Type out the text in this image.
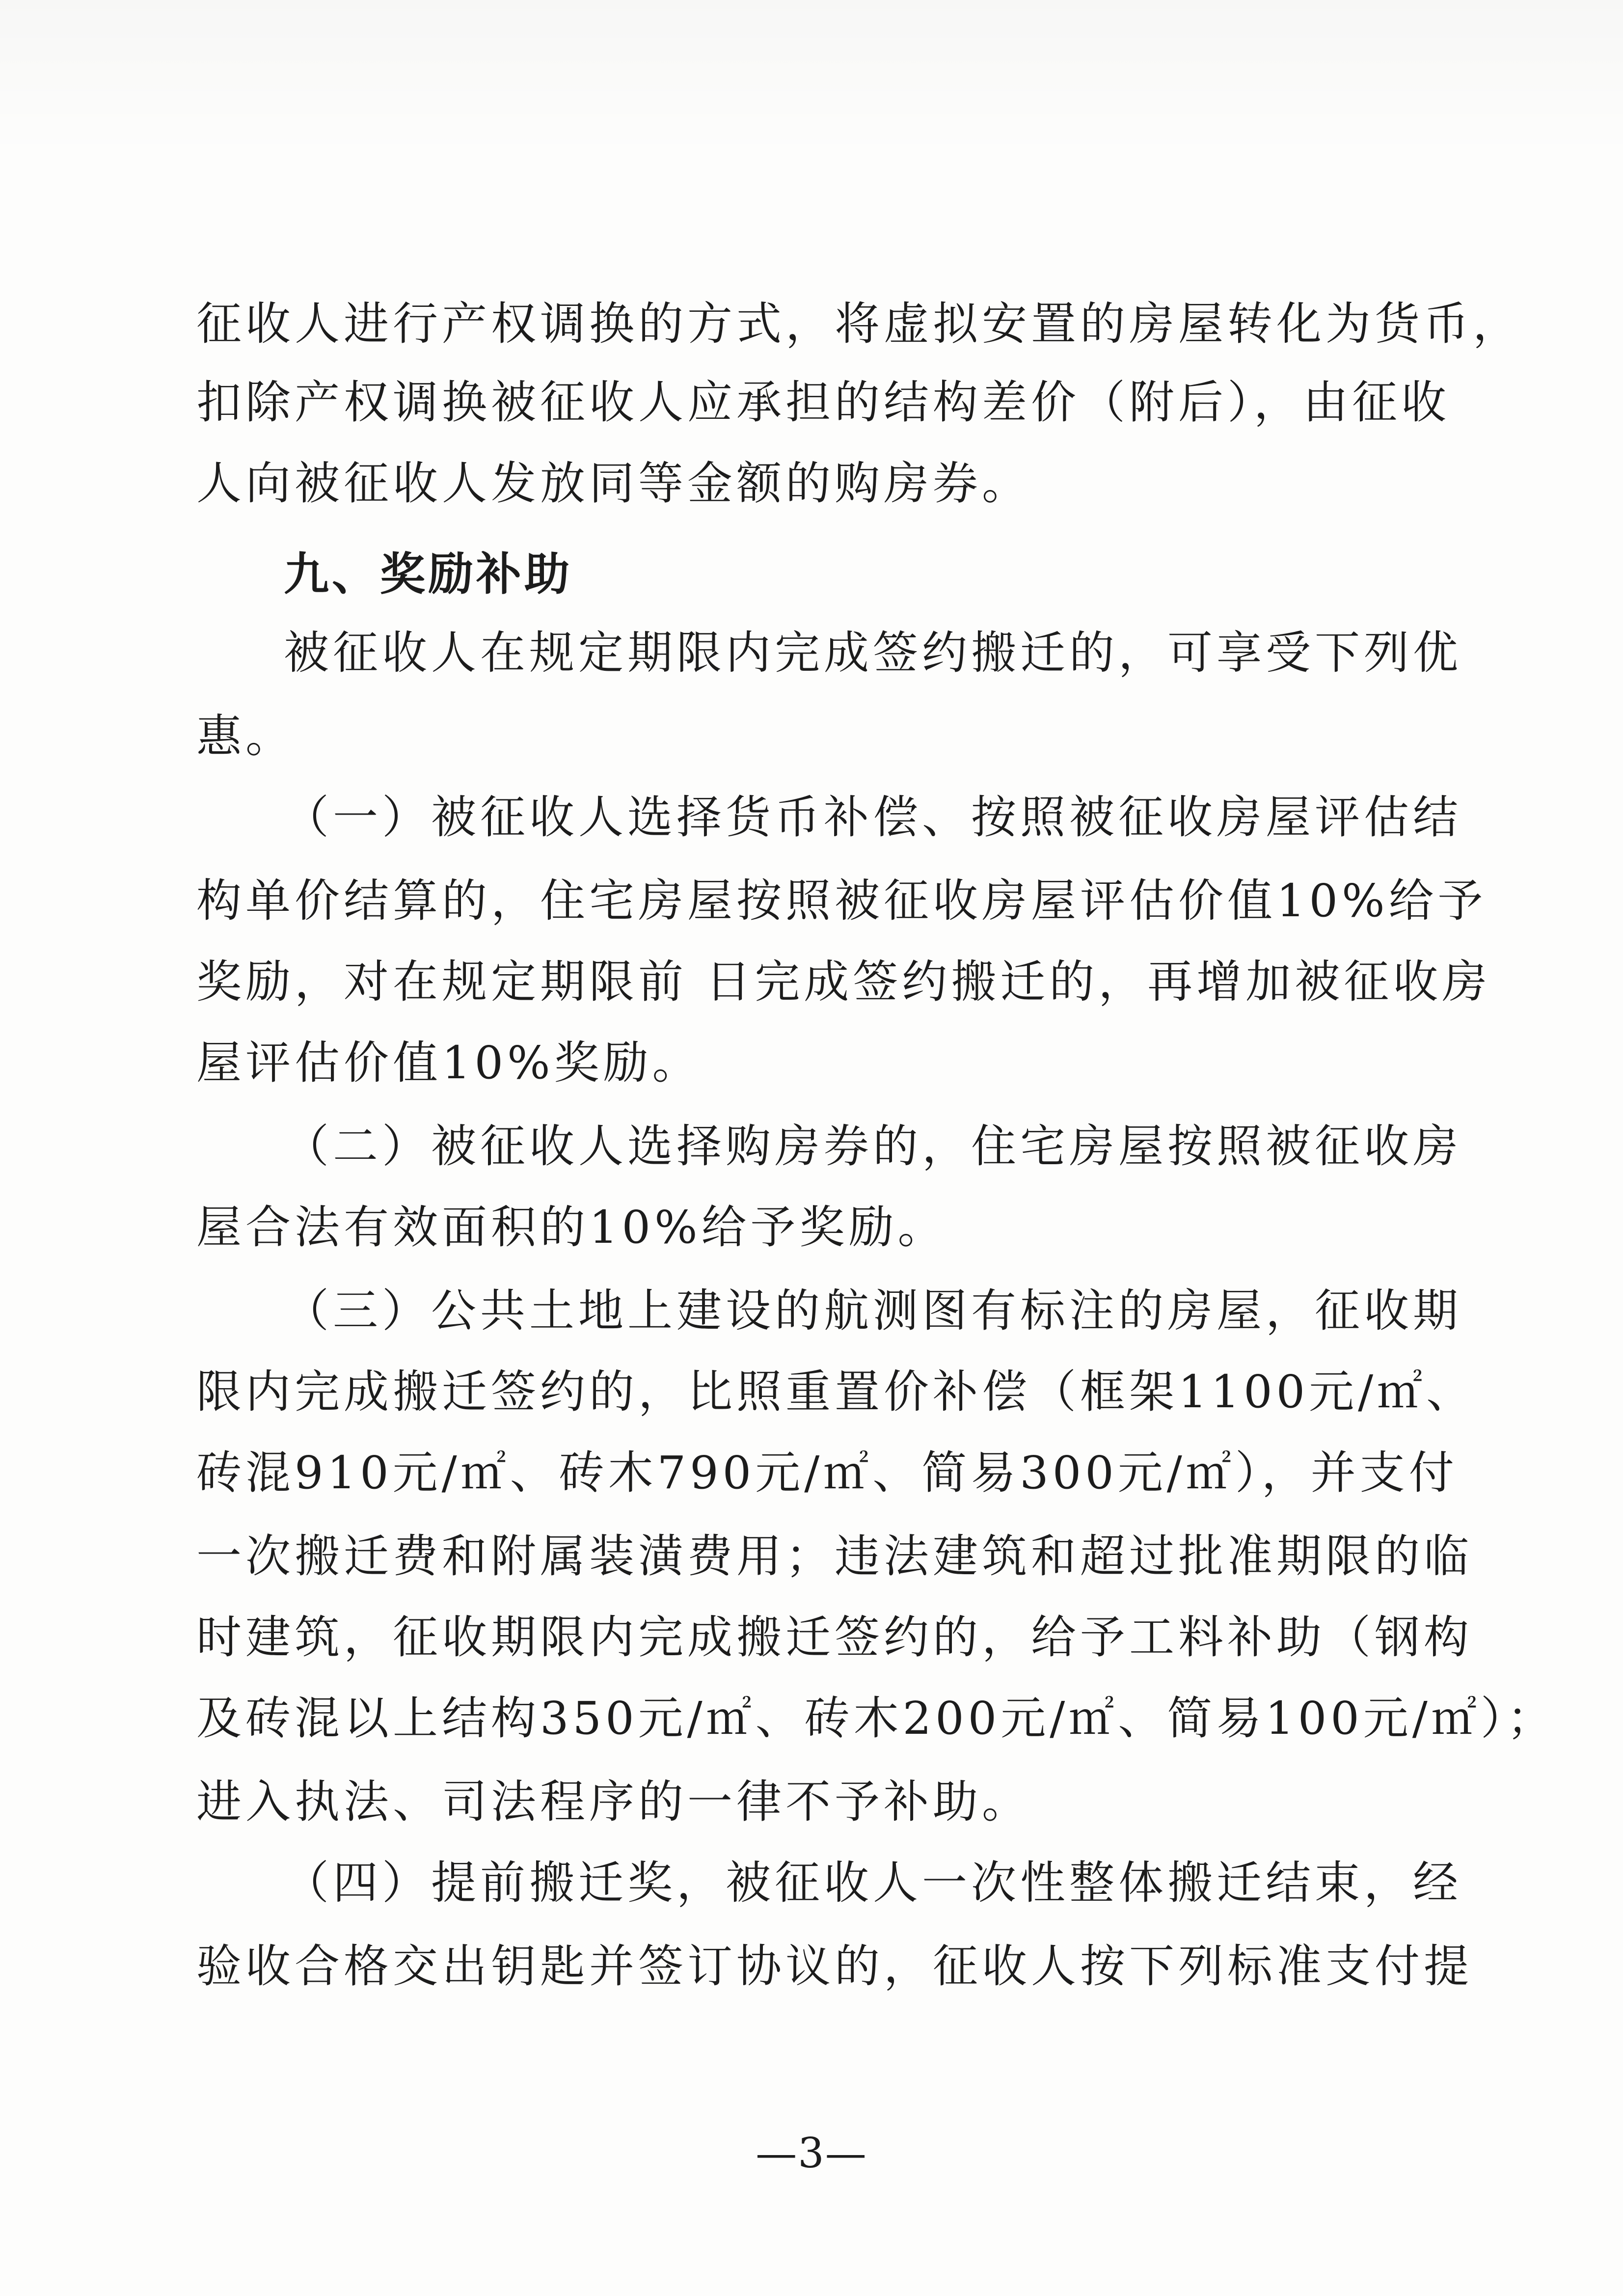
征收人进行产权调换的方式，将虚拟安置的房屋转化为货币，
扣除产权调换被征收人应承担的结构差价（附后），由征收
人向被征收人发放同等金额的购房券。
九、奖励补助
被征收人在规定期限内完成签约搬迁的，可享受下列优
惠。
（一）被征收人选择货币补偿、按照被征收房屋评估结
构单价结算的，住宅房屋按照被征收房屋评估价值10%给予
奖励，对在规定期限前 日完成签约搬迁的，再增加被征收房
屋评估价值10%奖励。
（二）被征收人选择购房券的，住宅房屋按照被征收房
屋合法有效面积的10%给予奖励。
（三）公共土地上建设的航测图有标注的房屋，征收期
限内完成搬迁签约的，比照重置价补偿（框架1100元/㎡、
砖混910元/㎡、砖木790元/㎡、简易300元/㎡），并支付
一次搬迁费和附属装潢费用；违法建筑和超过批准期限的临
时建筑，征收期限内完成搬迁签约的，给予工料补助（钢构
及砖混以上结构350元/㎡、砖木200元/㎡、简易100元/㎡）；
进入执法、司法程序的一律不予补助。
（四）提前搬迁奖，被征收人一次性整体搬迁结束，经
验收合格交出钥匙并签订协议的，征收人按下列标准支付提
—3—
